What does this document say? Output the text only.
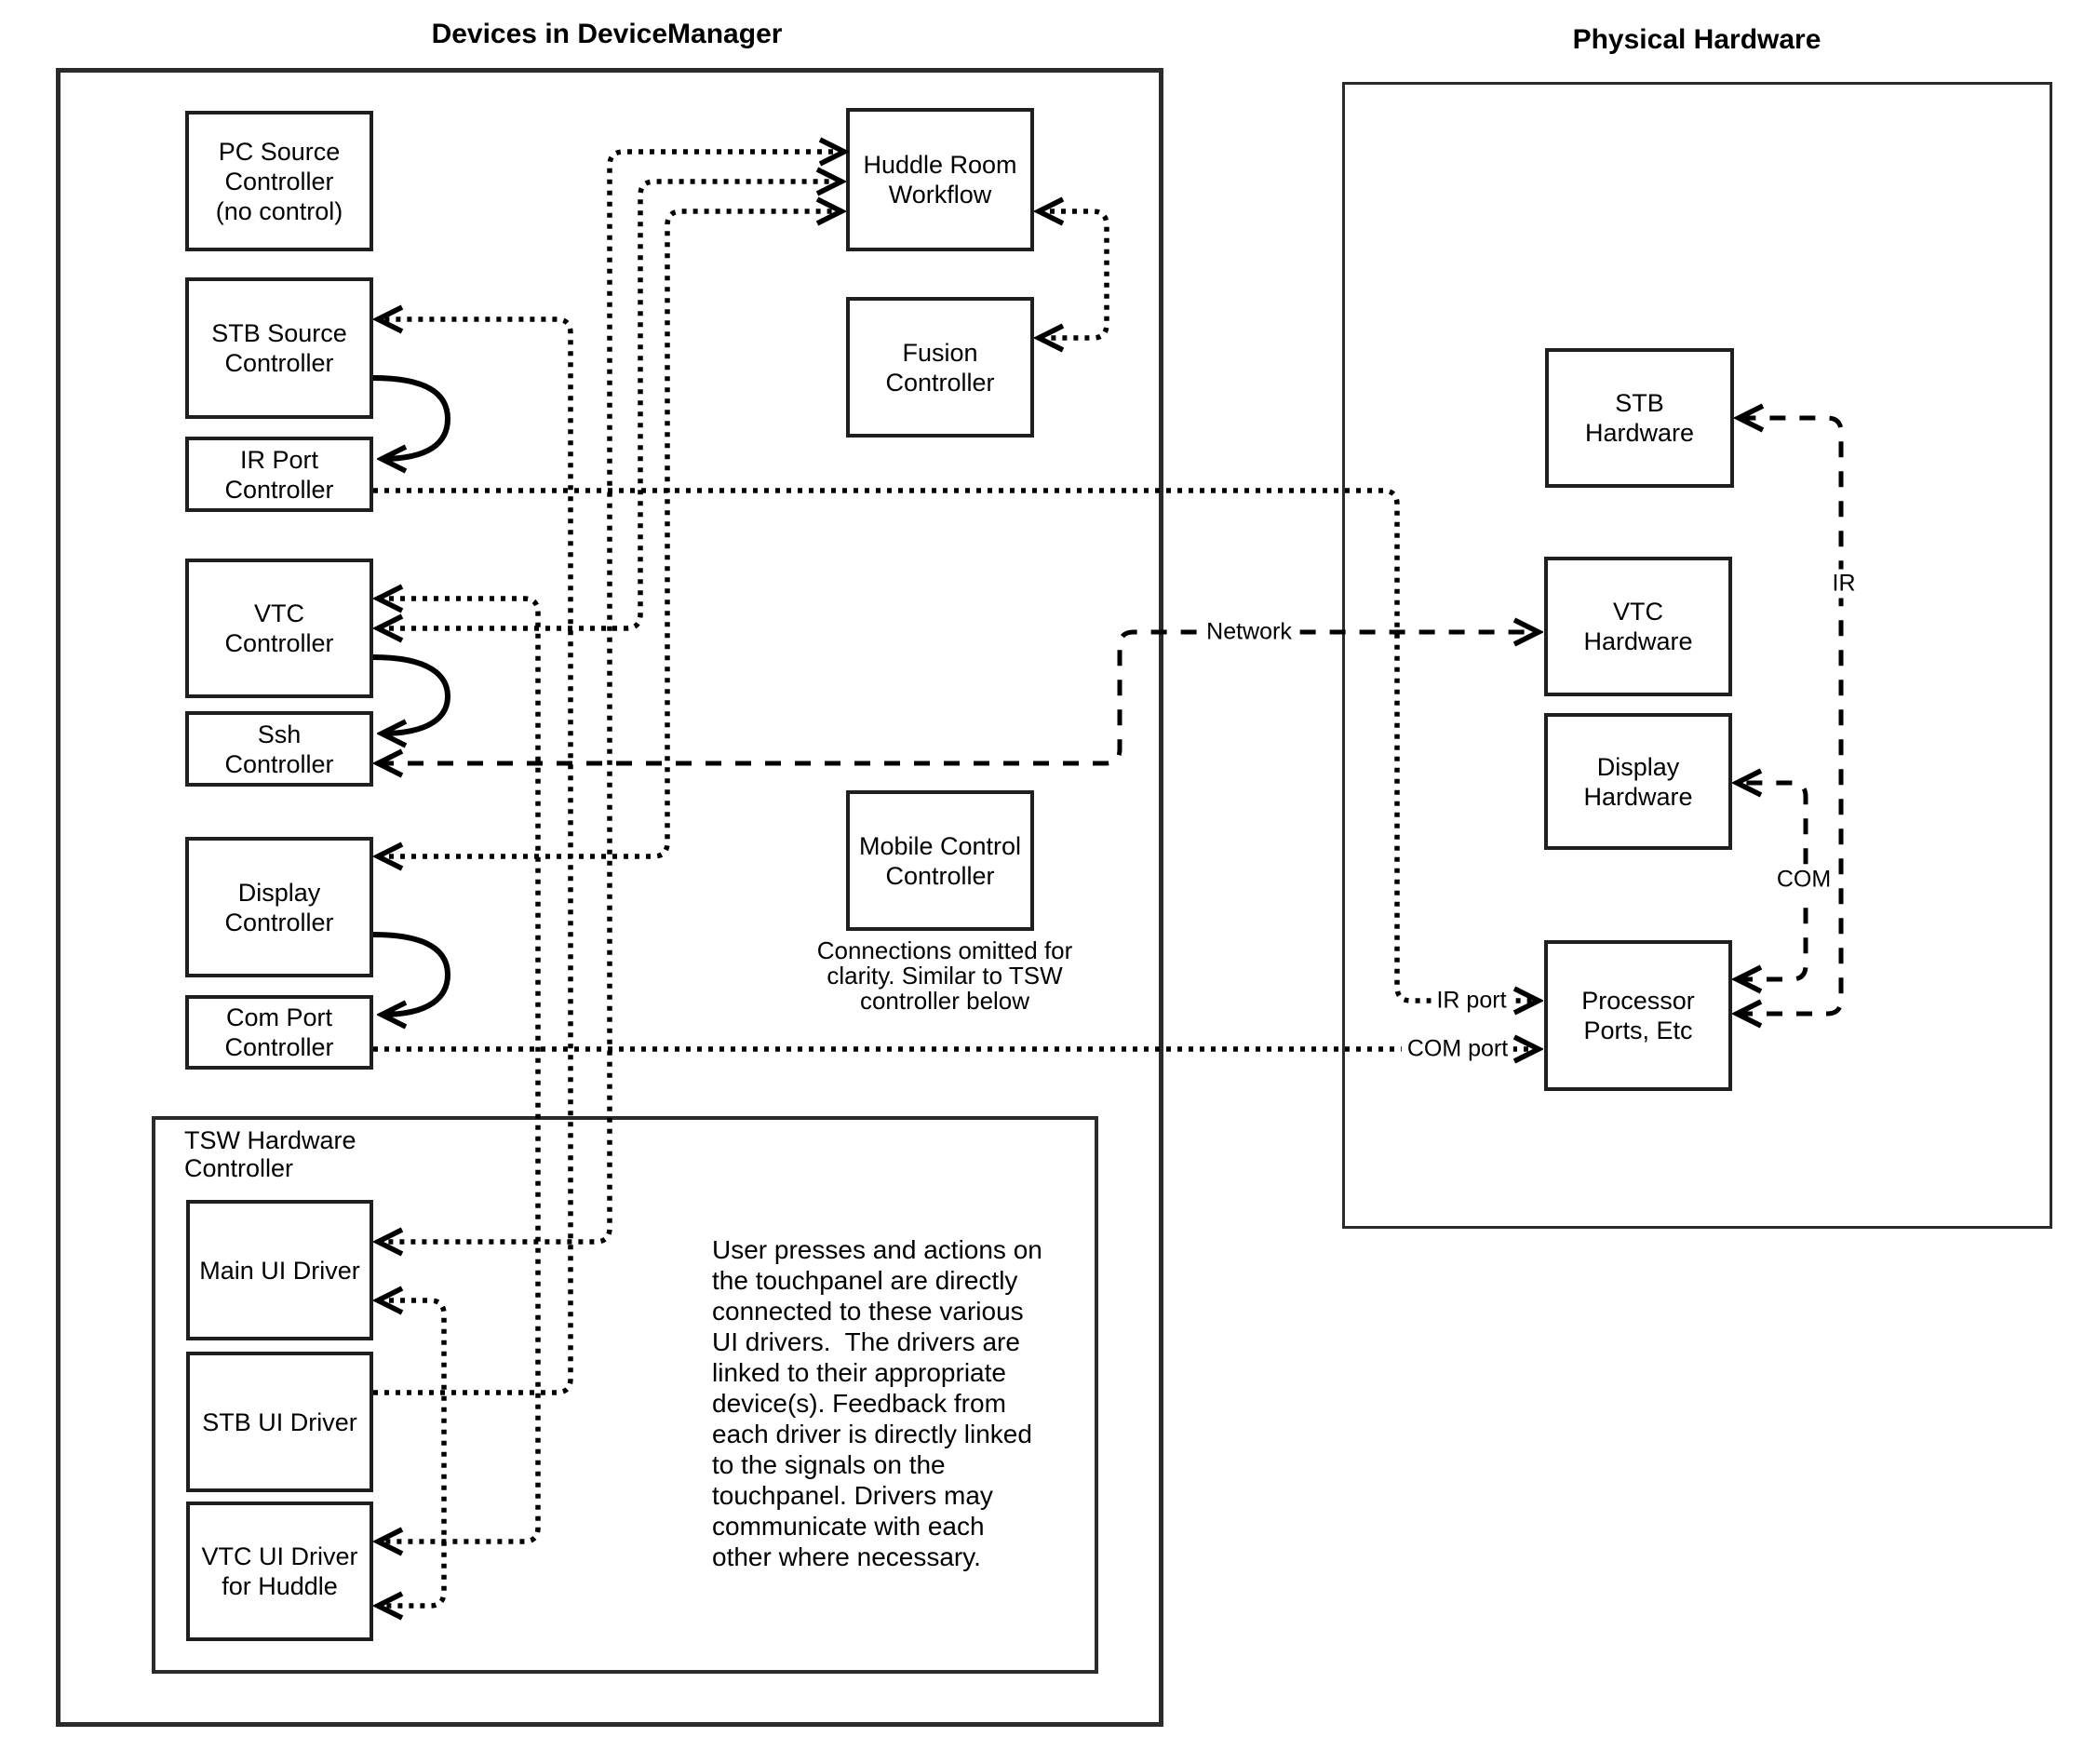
PC Source
Controller
(no control)
STB Source
Controller
IR Port
Controller
VTC
Controller
Ssh
Controller
Display
Controller
Com Port
Controller
Huddle Room
Workflow
Fusion
Controller
Mobile Control
Controller
Main UI Driver
STB UI Driver
VTC UI Driver
for Huddle
STB
Hardware
VTC
Hardware
Display
Hardware
Processor
Ports, Etc
Devices in DeviceManager	Physical Hardware
TSW Hardware
Controller
Connections omitted for
clarity. Similar to TSW
controller below
User presses and actions on
the touchpanel are directly
connected to these various
UI drivers.  The drivers are
linked to their appropriate
device(s). Feedback from
each driver is directly linked
to the signals on the
touchpanel. Drivers may
communicate with each
other where necessary.
Network
IR
COM
IR port
COM port
